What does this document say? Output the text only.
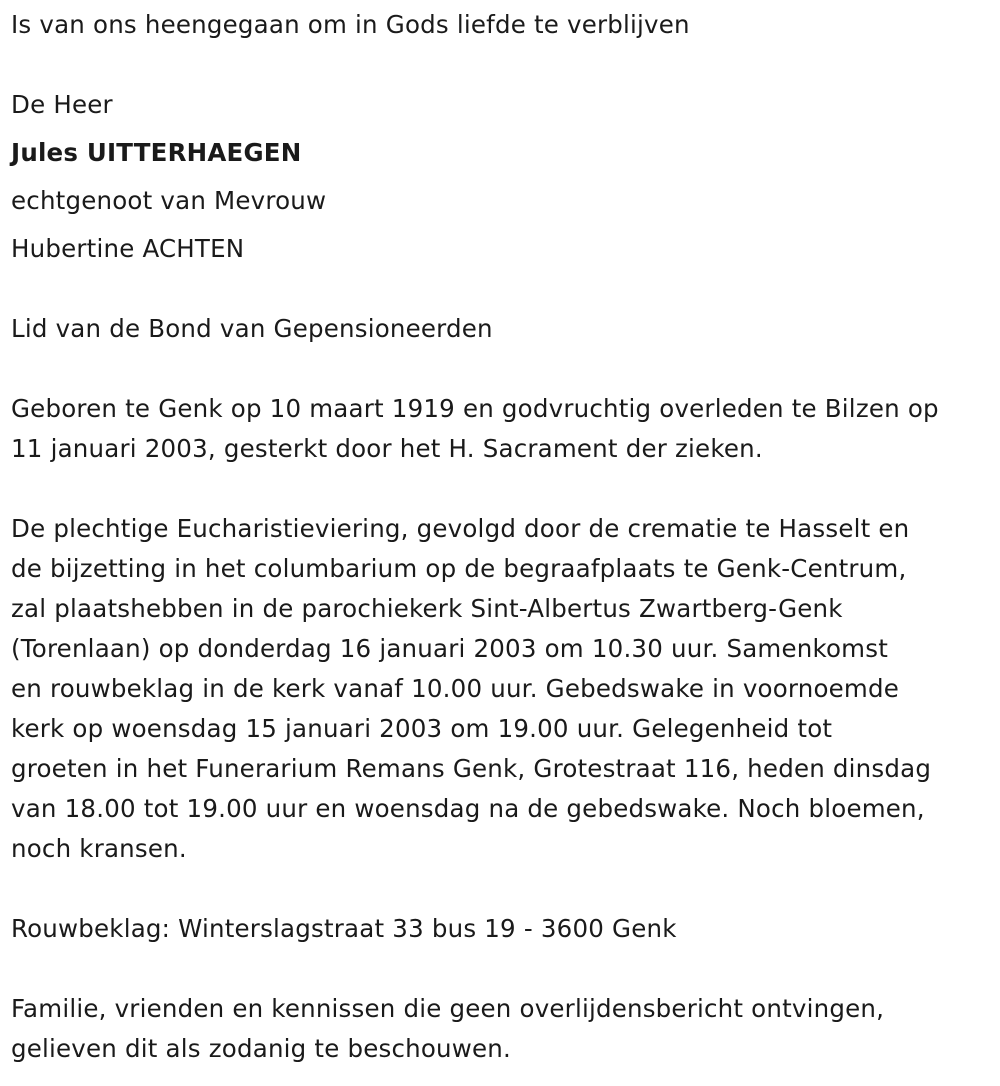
Is van ons heengegaan om in Gods liefde te verblijven
De Heer
Jules UITTERHAEGEN
echtgenoot van Mevrouw
Hubertine ACHTEN
Lid van de Bond van Gepensioneerden
Geboren te Genk op 10 maart 1919 en godvruchtig overleden te Bilzen op
11 januari 2003, gesterkt door het H. Sacrament der zieken.
De plechtige Eucharistieviering, gevolgd door de crematie te Hasselt en
de bijzetting in het columbarium op de begraafplaats te Genk-Centrum,
zal plaatshebben in de parochiekerk Sint-Albertus Zwartberg-Genk
(Torenlaan) op donderdag 16 januari 2003 om 10.30 uur. Samenkomst
en rouwbeklag in de kerk vanaf 10.00 uur. Gebedswake in voornoemde
kerk op woensdag 15 januari 2003 om 19.00 uur. Gelegenheid tot
groeten in het Funerarium Remans Genk, Grotestraat 116, heden dinsdag
van 18.00 tot 19.00 uur en woensdag na de gebedswake. Noch bloemen,
noch kransen.
Rouwbeklag: Winterslagstraat 33 bus 19 - 3600 Genk
Familie, vrienden en kennissen die geen overlijdensbericht ontvingen,
gelieven dit als zodanig te beschouwen.
